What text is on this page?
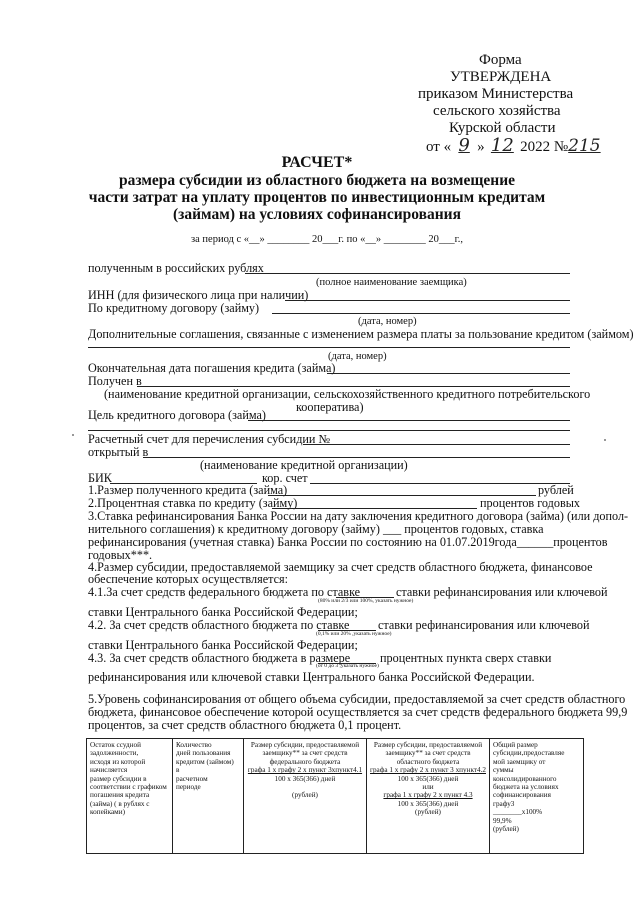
Форма
УТВЕРЖДЕНА
приказом Министерства
сельского хозяйства
Курской области
от « 9 » 12 2022 №215
РАСЧЕТ*
размера субсидии из областного бюджета на возмещение
части затрат на уплату процентов по инвестиционным кредитам
(займам) на условиях софинансирования
за период с «__» ________ 20___г. по «__» ________ 20___г.,
полученным в российских рублях
(полное наименование заемщика)
ИНН (для физического лица при наличии)
По кредитному договору (займу)
(дата, номер)
Дополнительные соглашения, связанные с изменением размера платы за пользование кредитом (займом)
(дата, номер)
Окончательная дата погашения кредита (займа)
Получен в
(наименование кредитной организации, сельскохозяйственного кредитного потребительского
кооператива)
Цель кредитного договора (займа)
Расчетный счет для перечисления субсидии №
открытый в
(наименование кредитной организации)
БИК	кор. счет
1.Размер полученного кредита (займа)	рублей
2.Процентная ставка по кредиту (займу)	процентов годовых
3.Ставка рефинансирования Банка России на дату заключения кредитного договора (займа) (или допол-
нительного соглашения) к кредитному договору (займу) ___ процентов годовых, ставка
рефинансирования (учетная ставка) Банка России по состоянию на 01.07.2019года______процентов
годовых***.
4.Размер субсидии, предоставляемой заемщику за счет средств областного бюджета, финансовое
обеспечение которых осуществляется:
4.1.За счет средств федерального бюджета по ставке	ставки рефинансирования или ключевой
(80% или 2/3 или 100%, указать нужное)
ставки Центрального банка Российской Федерации;
4.2. За счет средств областного бюджета по ставке ставки рефинансирования или ключевой
(0,1% или 20% ,указать нужное)
ставки Центрального банка Российской Федерации;
4.3. За счет средств областного бюджета в размере процентных пункта сверх ставки
(от 0 до 3 ,указать нужное)
рефинансирования или ключевой ставки Центрального банка Российской Федерации.
5.Уровень софинансирования от общего объема субсидии, предоставляемой за счет средств областного
бюджета, финансовое обеспечение которой осуществляется за счет средств федерального бюджета 99,9
процентов, за счет средств областного бюджета 0,1 процент.
Остаток ссудной
задолженности,
исходя из которой
начисляется
размер субсидии в
соответствии с графиком
погашения кредита
(займа) ( в рублях с
копейками)

Количество
дней пользования
кредитом (займом)
в
расчетном
периоде

Размер субсидии, предоставляемой
заемщику** за счет средств
федерального бюджета
графа 1 х графу 2 х пункт 3хпункт4.1
100 х 365(366) дней

(рублей)

Размер субсидии, предоставляемой
заемщику** за счет средств
областного бюджета
графа 1 х графу 2 х пункт 3 хпункт4.2
100 х 365(366) дней
или
графа 1 х графу 2 х пункт 4.3
100 х 365(366) дней
(рублей)

Общий размер
субсидии,предоставляе
мой заемщику от
суммы
консолидированного
бюджета на условиях
софинансирования
графу3
________х100%
99,9%
(рублей)
